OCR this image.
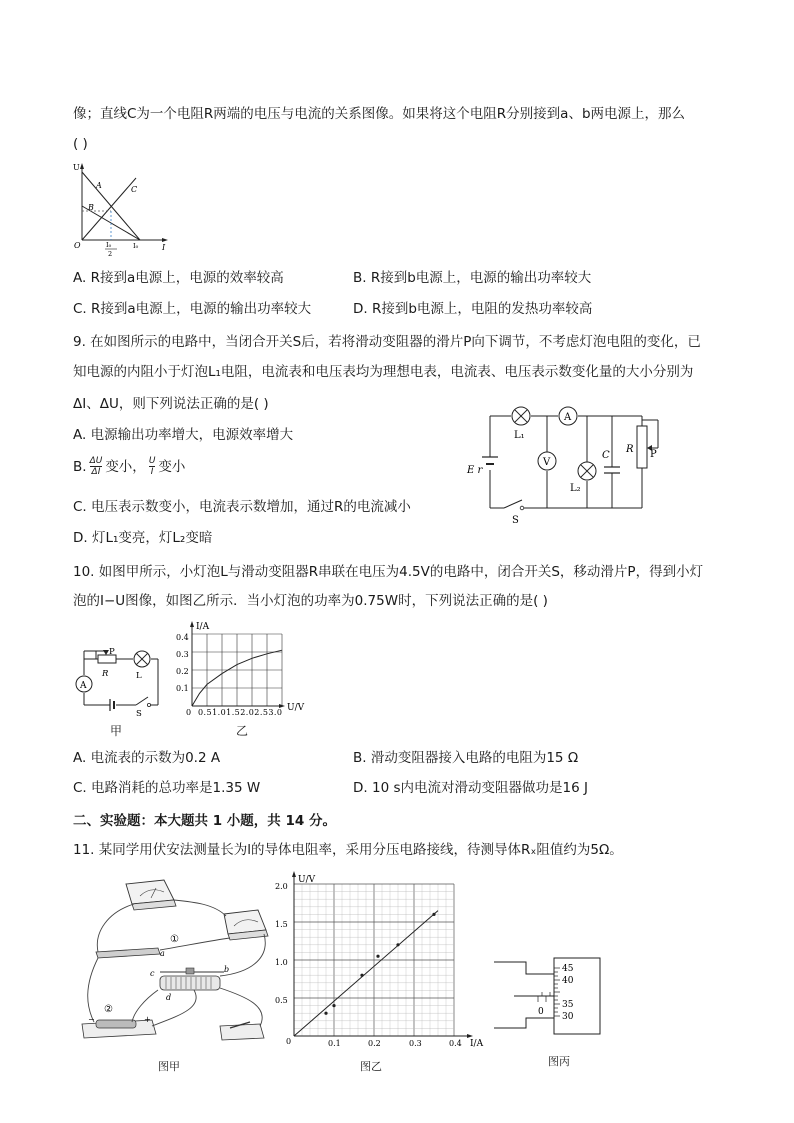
像；直线C为一个电阻R两端的电压与电流的关系图像。如果将这个电阻R分别接到a、b两电源上，那么
( )
U
I
O
A
B
C
I₀
2
I₀
A. R接到a电源上，电源的效率较高	B. R接到b电源上，电源的输出功率较大
C. R接到a电源上，电源的输出功率较大	D. R接到b电源上，电阻的发热功率较高
9. 在如图所示的电路中，当闭合开关S后，若将滑动变阻器的滑片P向下调节，不考虑灯泡电阻的变化，已
知电源的内阻小于灯泡L₁电阻，电流表和电压表均为理想电表，电流表、电压表示数变化量的大小分别为
ΔI、ΔU，则下列说法正确的是( )
A. 电源输出功率增大，电源效率增大
B. $\frac{\Delta U}{\Delta I}$ 变小， $\frac{U}{I}$ 变小
C. 电压表示数变小，电流表示数增加，通过R的电流减小
D. 灯L₁变亮，灯L₂变暗
A
V
L₁
L₂
C
R P
E r
S
10. 如图甲所示，小灯泡L与滑动变阻器R串联在电压为4.5V的电路中，闭合开关S，移动滑片P，得到小灯
泡的I−U图像，如图乙所示．当小灯泡的功率为0.75W时，下列说法正确的是( )
A
P
R	L
S
甲
I/A
U/V
0.4
0.3
0.2
0.1
0 0.51.01.52.02.53.0
乙
A. 电流表的示数为0.2 A	B. 滑动变阻器接入电路的电阻为15 Ω
C. 电路消耗的总功率是1.35 W	D. 10 s内电流对滑动变阻器做功是16 J
二、实验题：本大题共 1 小题，共 14 分。
11. 某同学用伏安法测量长为l的导体电阻率，采用分压电路接线，待测导体Rₓ阻值约为5Ω。
①
②
a
b
c
d
+
−
图甲
U/V
I/A
2.0
1.5
1.0
0.5
0	0.1	0.2	0.3	0.4
图乙
45
40
35
30
0
图丙
